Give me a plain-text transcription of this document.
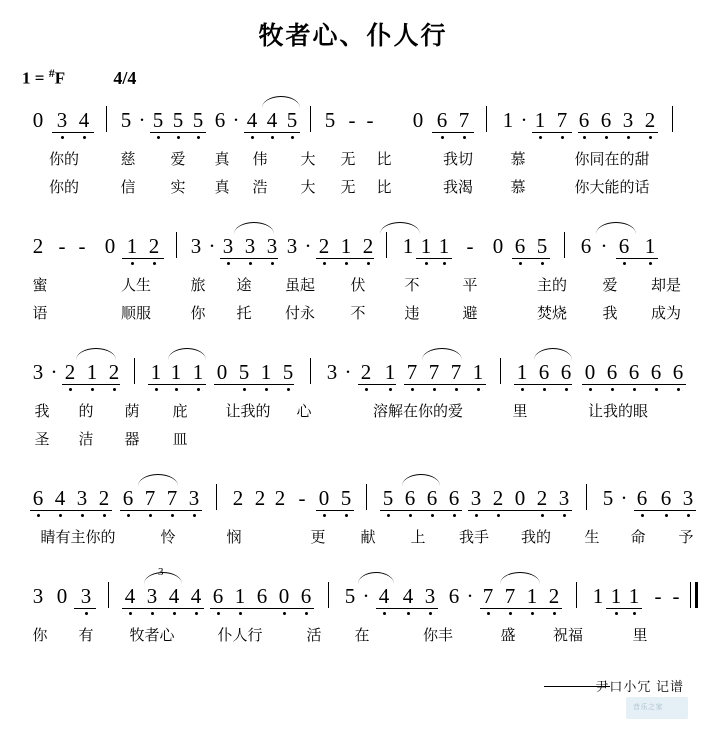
牧者心、仆人行
1 = #F	4/4
0 3 4 5 · 5 5 5 6 · 4 4 5 5 - - 0 6 7 1 · 1 7 6 6 3 2
你的	慈 爱 真 伟 大 无 比	我切 慕	你同在的甜
你的	信 实 真 浩 大 无 比	我渴 慕	你大能的话
2 - - 0 1 2 3 · 3 3 3 3 · 2 1 2 1 1 1 - 0 6 5 6 · 6 1
蜜	人生	旅 途 虽起 伏	不	平	主的 爱 却是
语	顺服	你 托 付永 不	违	避	焚烧 我 成为
3 · 2 1 2 1 1 1 0 5 1 5 3 · 2 1 7 7 7 1 1 6 6 0 6 6 6 6
我 的 荫 庇	让我的 心	溶解在你的爱	里	让我的眼
圣 洁 器 皿
6 4 3 2 6 7 7 3 2 2 2 - 0 5 5 6 6 6 3 2 0 2 3 5 · 6 6 3
睛有主你的	怜	悯	更 献 上 我手 我的 生 命 予
3 0 3
3
4 3 4 4 6 1 6 0 6 5 · 4 4 3 6 · 7 7 1 2 1 1 1 - -
你 有 牧者心	仆人行	活 在	你丰	盛 祝福	里
尹口小冗 记谱
音乐之家
